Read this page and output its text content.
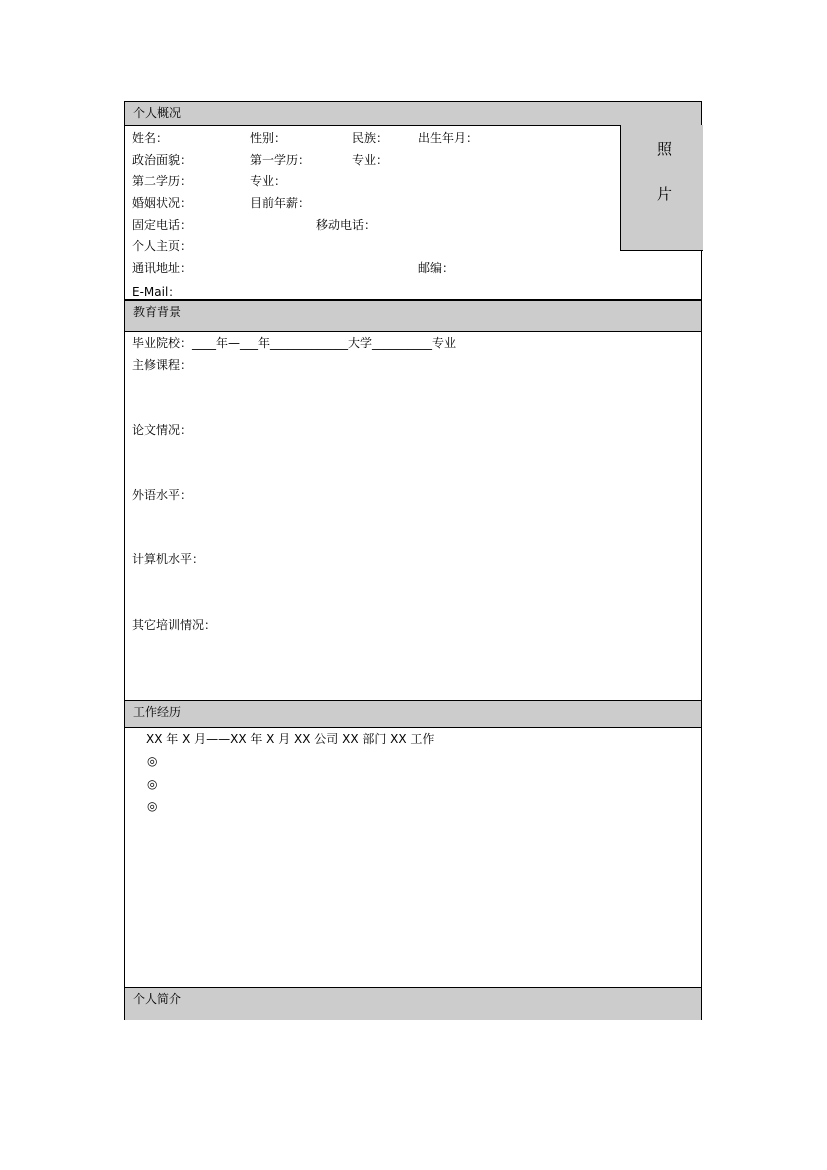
个人概况
姓名：	性别：	民族： 出生年月：
政治面貌：	第一学历：	专业：
第二学历：	专业：
婚姻状况：	目前年薪：
固定电话：	移动电话：
个人主页：
通讯地址：	邮编：
E-Mail：
照
片
教育背景
毕业院校：____年—___年_____________大学__________专业
主修课程：
论文情况：
外语水平：
计算机水平：
其它培训情况：
工作经历
XX 年 X 月——XX 年 X 月 XX 公司 XX 部门 XX 工作
◎
◎
◎
个人简介
